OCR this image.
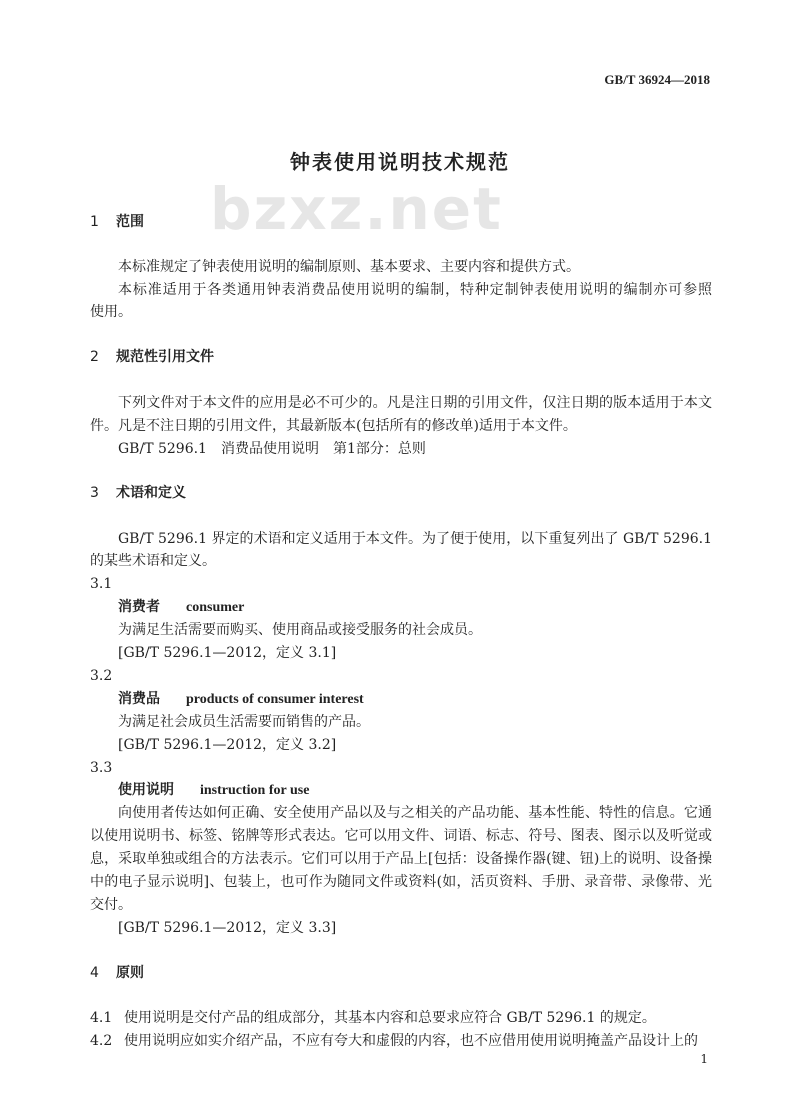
GB/T 36924—2018
bzxz.net
钟表使用说明技术规范
1 范围
本标准规定了钟表使用说明的编制原则、基本要求、主要内容和提供方式。
本标准适用于各类通用钟表消费品使用说明的编制，特种定制钟表使用说明的编制亦可参照
使用。
2 规范性引用文件
下列文件对于本文件的应用是必不可少的。凡是注日期的引用文件，仅注日期的版本适用于本文
件。凡是不注日期的引用文件，其最新版本(包括所有的修改单)适用于本文件。
GB/T 5296.1　消费品使用说明　第1部分：总则
3 术语和定义
GB/T 5296.1 界定的术语和定义适用于本文件。为了便于使用，以下重复列出了 GB/T 5296.1
的某些术语和定义。
3.1
消费者 consumer
为满足生活需要而购买、使用商品或接受服务的社会成员。
[GB/T 5296.1—2012，定义 3.1]
3.2
消费品 products of consumer interest
为满足社会成员生活需要而销售的产品。
[GB/T 5296.1—2012，定义 3.2]
3.3
使用说明 instruction for use
向使用者传达如何正确、安全使用产品以及与之相关的产品功能、基本性能、特性的信息。它通
以使用说明书、标签、铭牌等形式表达。它可以用文件、词语、标志、符号、图表、图示以及听觉或
息，采取单独或组合的方法表示。它们可以用于产品上[包括：设备操作器(键、钮)上的说明、设备操
中的电子显示说明]、包装上，也可作为随同文件或资料(如，活页资料、手册、录音带、录像带、光
交付。
[GB/T 5296.1—2012，定义 3.3]
4 原则
4.1 使用说明是交付产品的组成部分，其基本内容和总要求应符合 GB/T 5296.1 的规定。
4.2 使用说明应如实介绍产品，不应有夸大和虚假的内容，也不应借用使用说明掩盖产品设计上的
1
